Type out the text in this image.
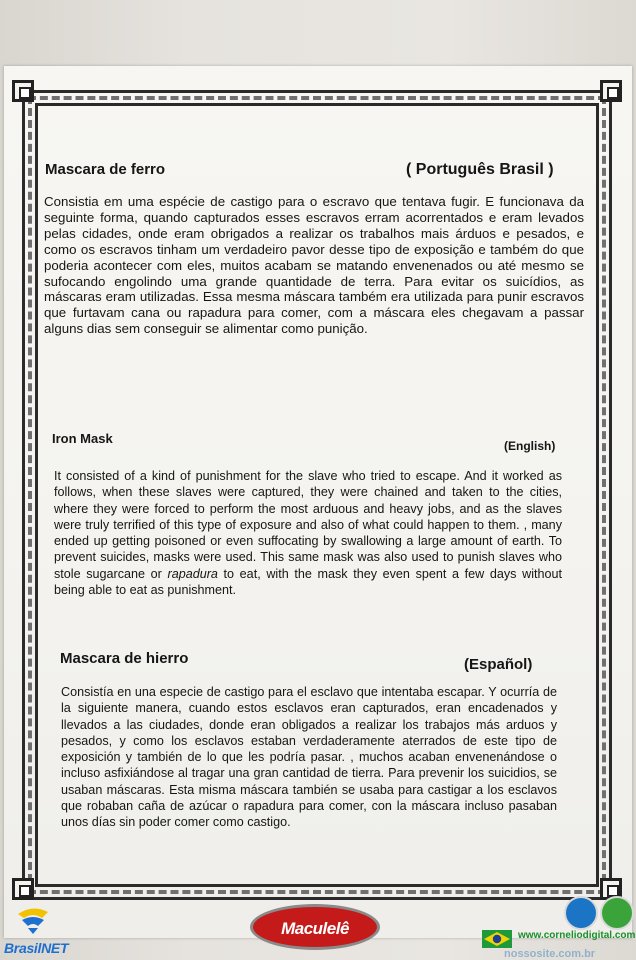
Mascara de ferro	( Português Brasil )

Consistia em uma espécie de castigo para o escravo que tentava fugir. E funcionava da seguinte forma, quando capturados esses escravos erram acorrentados e eram levados pelas cidades, onde eram obrigados a realizar os trabalhos mais árduos e pesados, e como os escravos tinham um verdadeiro pavor desse tipo de exposição e também do que poderia acontecer com eles, muitos acabam se matando envenenados ou até mesmo se sufocando engolindo uma grande quantidade de terra. Para evitar os suicídios, as máscaras eram utilizadas. Essa mesma máscara também era utilizada para punir escravos que furtavam cana ou rapadura para comer, com a máscara eles chegavam a passar alguns dias sem conseguir se alimentar como punição.

Iron Mask	(English)

It consisted of a kind of punishment for the slave who tried to escape. And it worked as follows, when these slaves were captured, they were chained and taken to the cities, where they were forced to perform the most arduous and heavy jobs, and as the slaves were truly terrified of this type of exposure and also of what could happen to them. , many ended up getting poisoned or even suffocating by swallowing a large amount of earth. To prevent suicides, masks were used. This same mask was also used to punish slaves who stole sugarcane or rapadura to eat, with the mask they even spent a few days without being able to eat as punishment.

Mascara de hierro	(Español)

Consistía en una especie de castigo para el esclavo que intentaba escapar. Y ocurría de la siguiente manera, cuando estos esclavos eran capturados, eran encadenados y llevados a las ciudades, donde eran obligados a realizar los trabajos más arduos y pesados, y como los esclavos estaban verdaderamente aterrados de este tipo de exposición y también de lo que les podría pasar. , muchos acaban envenenándose o incluso asfixiándose al tragar una gran cantidad de tierra. Para prevenir los suicidios, se usaban máscaras. Esta misma máscara también se usaba para castigar a los esclavos que robaban caña de azúcar o rapadura para comer, con la máscara incluso pasaban unos días sin poder comer como castigo.

BrasilNET
Maculelê	www.corneliodigital.com
nossosite.com.br
